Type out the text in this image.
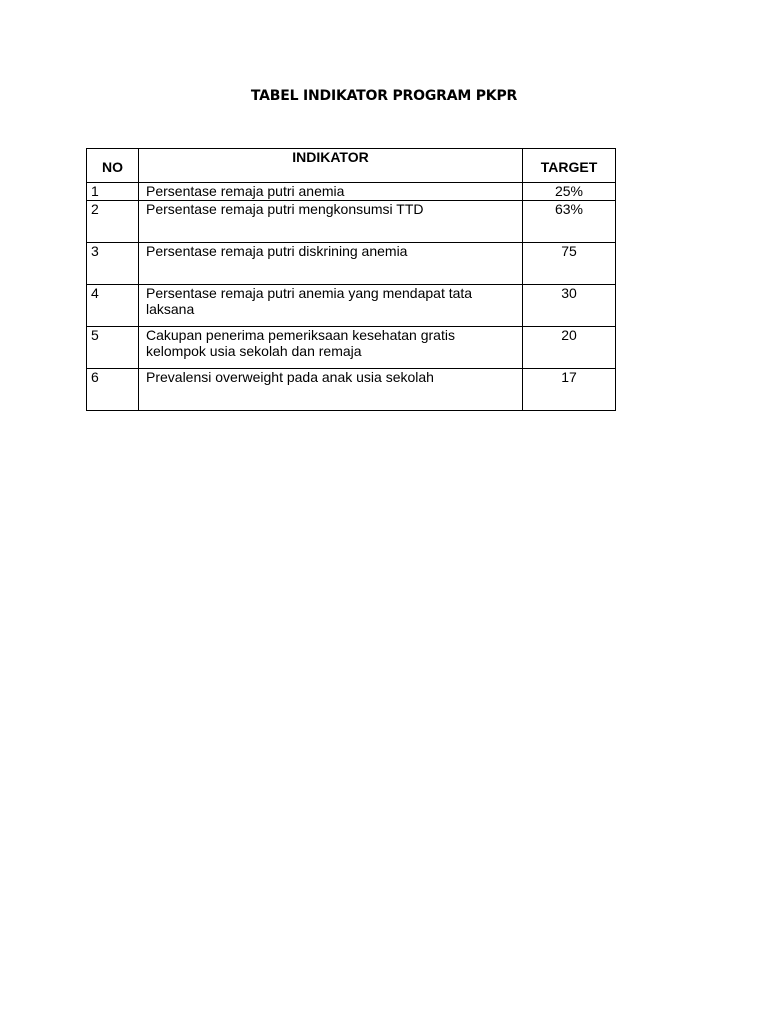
TABEL INDIKATOR PROGRAM PKPR
NO	INDIKATOR	TARGET
1	Persentase remaja putri anemia	25%
2	Persentase remaja putri mengkonsumsi TTD	63%
3	Persentase remaja putri diskrining anemia	75
4	Persentase remaja putri anemia yang mendapat tata laksana	30
5	Cakupan penerima pemeriksaan kesehatan gratis kelompok usia sekolah dan remaja	20
6	Prevalensi overweight pada anak usia sekolah	17
